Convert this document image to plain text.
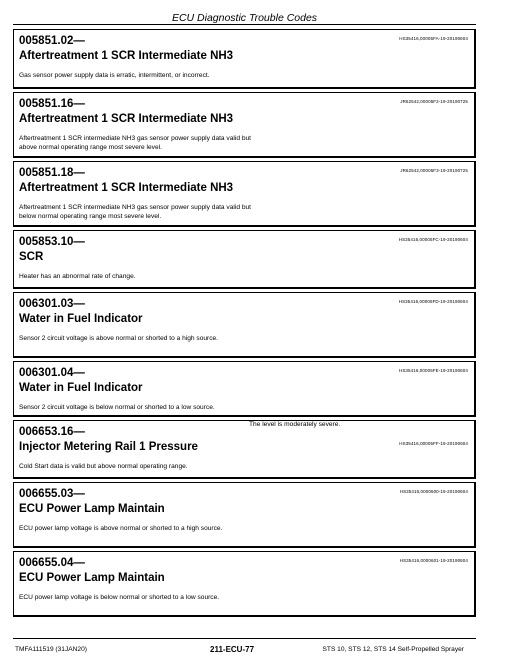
ECU Diagnostic Trouble Codes
005851.02—
Aftertreatment 1 SCR Intermediate NH3
HS35416,00005FA-19-20190604
Gas sensor power supply data is erratic, intermittent, or incorrect.
005851.16—
Aftertreatment 1 SCR Intermediate NH3
JR62542,00005F2-19-20190725
Aftertreatment 1 SCR intermediate NH3 gas sensor power supply data valid but above normal operating range most severe level.
005851.18—
Aftertreatment 1 SCR Intermediate NH3
JR62542,00005F3-19-20190725
Aftertreatment 1 SCR intermediate NH3 gas sensor power supply data valid but below normal operating range most severe level.
005853.10—
SCR
HS35416,00005FC-19-20190604
Heater has an abnormal rate of change.
006301.03—
Water in Fuel Indicator
HS35416,00005FD-19-20190604
Sensor 2 circuit voltage is above normal or shorted to a high source.
006301.04—
Water in Fuel Indicator
HS35416,00005FE-19-20190604
Sensor 2 circuit voltage is below normal or shorted to a low source.
006653.16—
Injector Metering Rail 1 Pressure	HS35416,00005FF-19-20190604
Cold Start data is valid but above normal operating range.
006655.03—
ECU Power Lamp Maintain
HS35416,0000600-19-20190604
ECU power lamp voltage is above normal or shorted to a high source.
006655.04—
ECU Power Lamp Maintain
HS35416,0000601-19-20190604
ECU power lamp voltage is below normal or shorted to a low source.
The level is moderately severe.
TMFA111519 (31JAN20)	211-ECU-77	STS 10, STS 12, STS 14 Self-Propelled Sprayer
